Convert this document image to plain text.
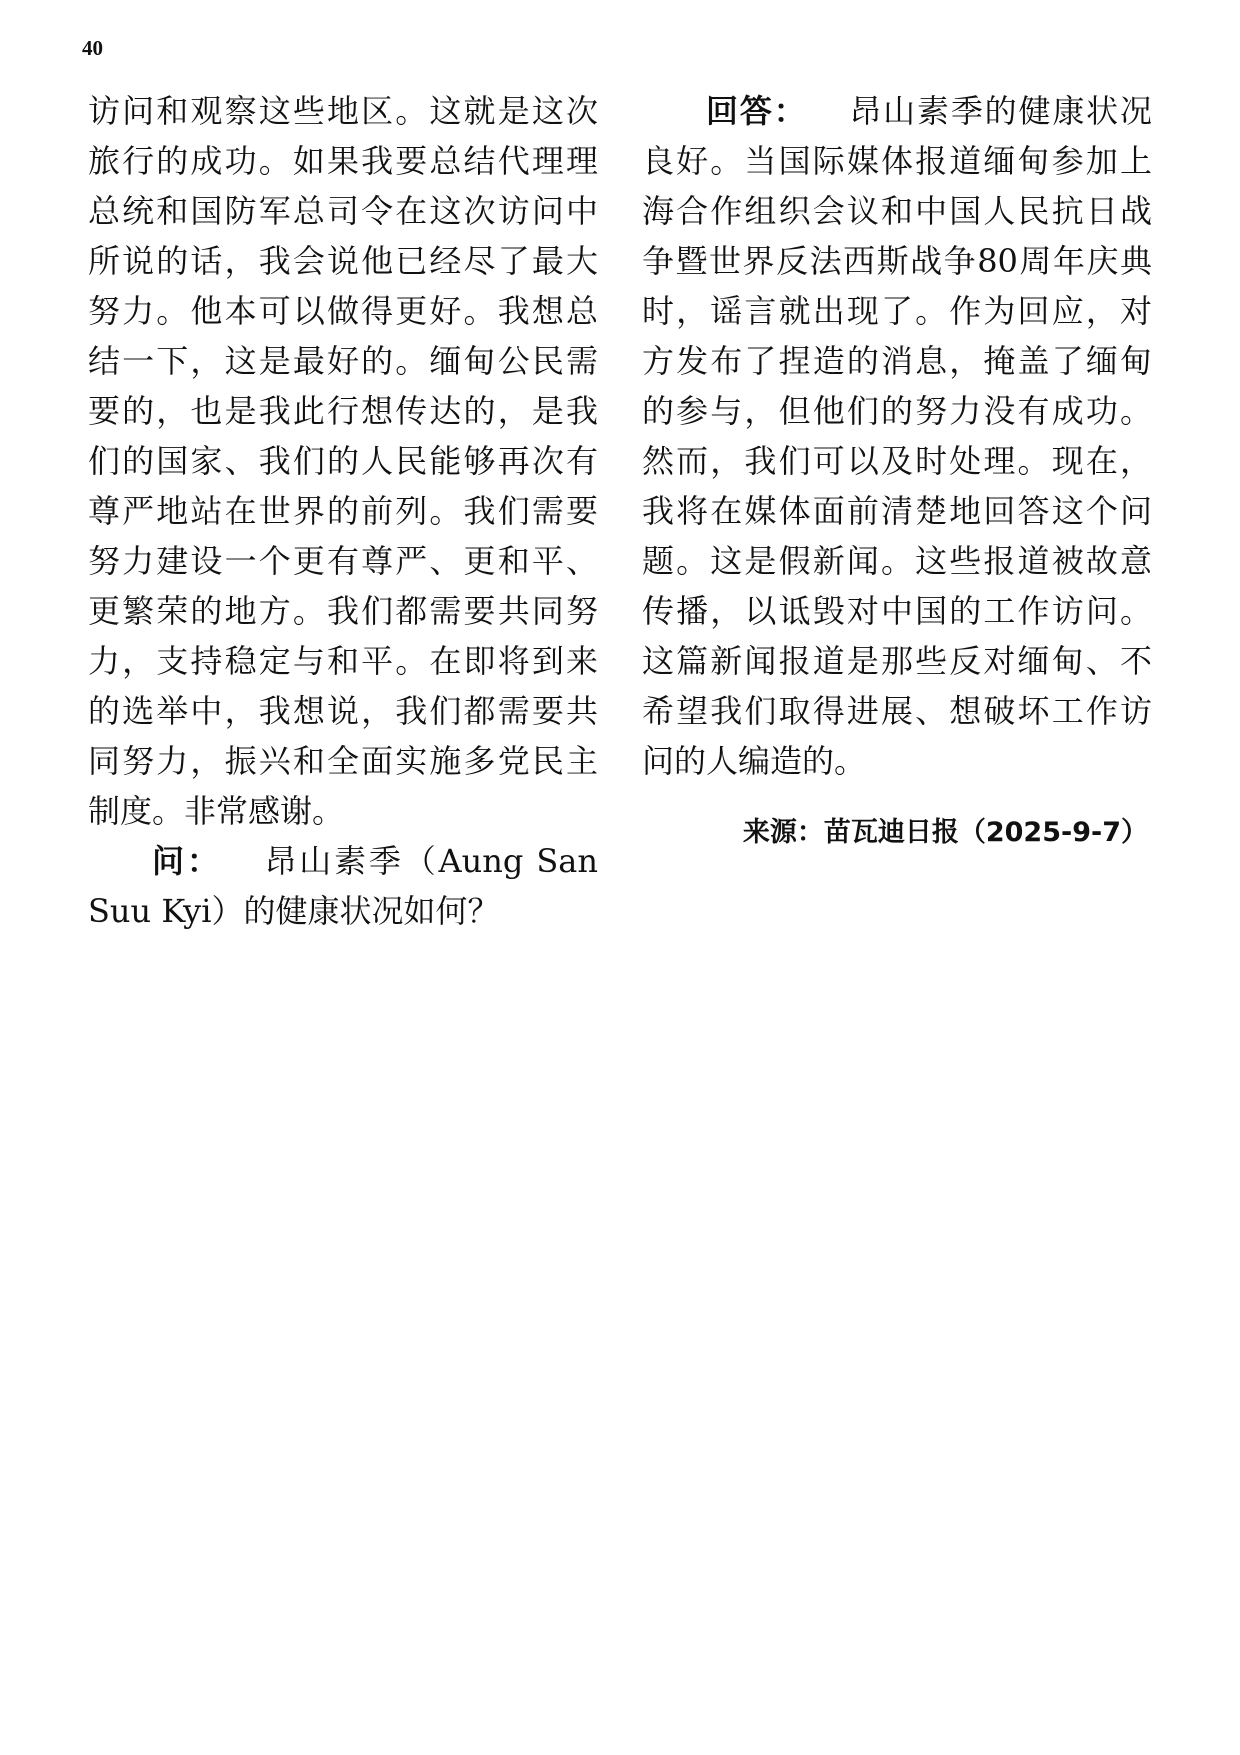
40

访问和观察这些地区。这就是这次旅行的成功。如果我要总结代理理总统和国防军总司令在这次访问中所说的话，我会说他已经尽了最大努力。他本可以做得更好。我想总结一下，这是最好的。缅甸公民需要的，也是我此行想传达的，是我们的国家、我们的人民能够再次有尊严地站在世界的前列。我们需要努力建设一个更有尊严、更和平、更繁荣的地方。我们都需要共同努力，支持稳定与和平。在即将到来的选举中，我想说，我们都需要共同努力，振兴和全面实施多党民主制度。非常感谢。

问： 昂山素季（Aung San Suu Kyi）的健康状况如何？

回答： 昂山素季的健康状况良好。当国际媒体报道缅甸参加上海合作组织会议和中国人民抗日战争暨世界反法西斯战争80周年庆典时，谣言就出现了。作为回应，对方发布了捏造的消息，掩盖了缅甸的参与，但他们的努力没有成功。然而，我们可以及时处理。现在，我将在媒体面前清楚地回答这个问题。这是假新闻。这些报道被故意传播，以诋毁对中国的工作访问。这篇新闻报道是那些反对缅甸、不希望我们取得进展、想破坏工作访问的人编造的。

来源：苗瓦迪日报（2025-9-7）
